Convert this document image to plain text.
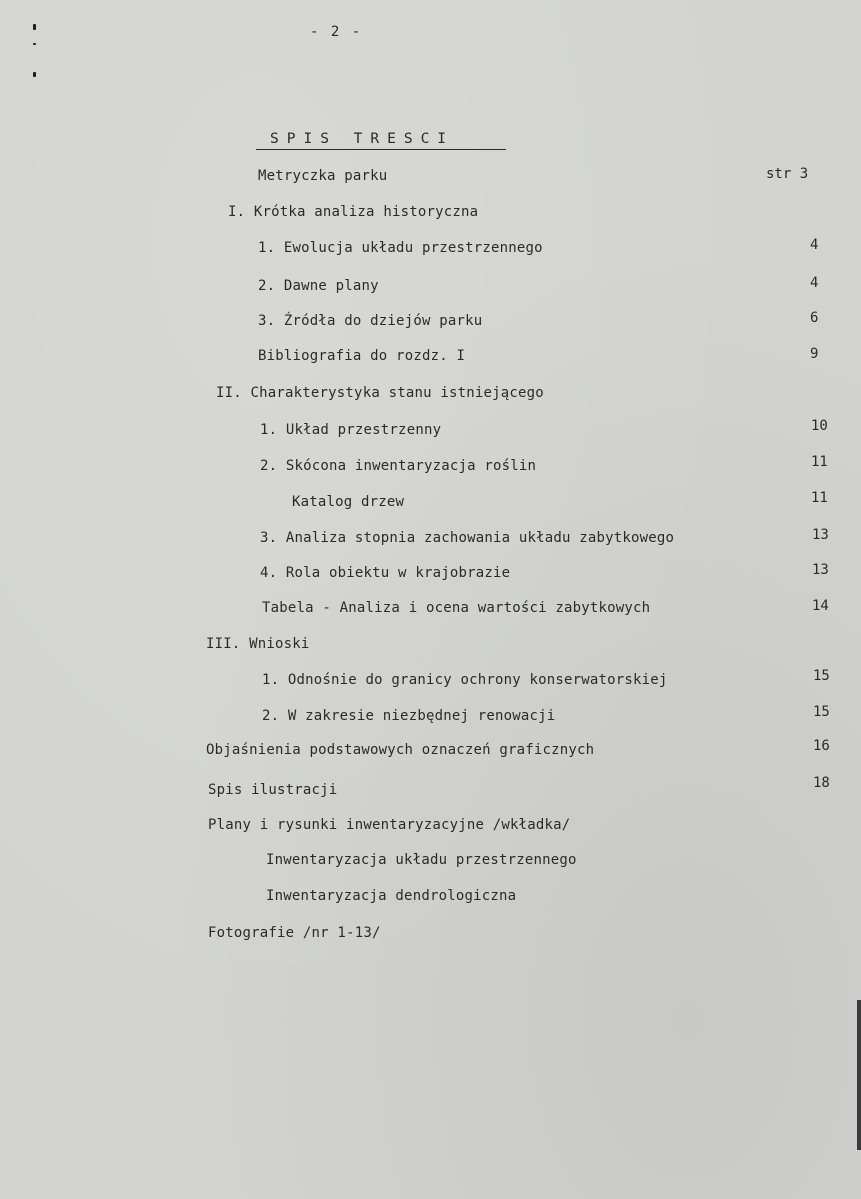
- 2 -
SPIS TRESCI
Metryczka parku	str 3
I. Krótka analiza historyczna
1. Ewolucja układu przestrzennego	4
2. Dawne plany	4
3. Źródła do dziejów parku	6
Bibliografia do rozdz. I	9
II. Charakterystyka stanu istniejącego
1. Układ przestrzenny	10
2. Skócona inwentaryzacja roślin	11
Katalog drzew	11
3. Analiza stopnia zachowania układu zabytkowego	13
4. Rola obiektu w krajobrazie	13
Tabela - Analiza i ocena wartości zabytkowych	14
III. Wnioski
1. Odnośnie do granicy ochrony konserwatorskiej	15
2. W zakresie niezbędnej renowacji	15
Objaśnienia podstawowych oznaczeń graficznych	16
Spis ilustracji	18
Plany i rysunki inwentaryzacyjne /wkładka/
Inwentaryzacja układu przestrzennego
Inwentaryzacja dendrologiczna
Fotografie /nr 1-13/
